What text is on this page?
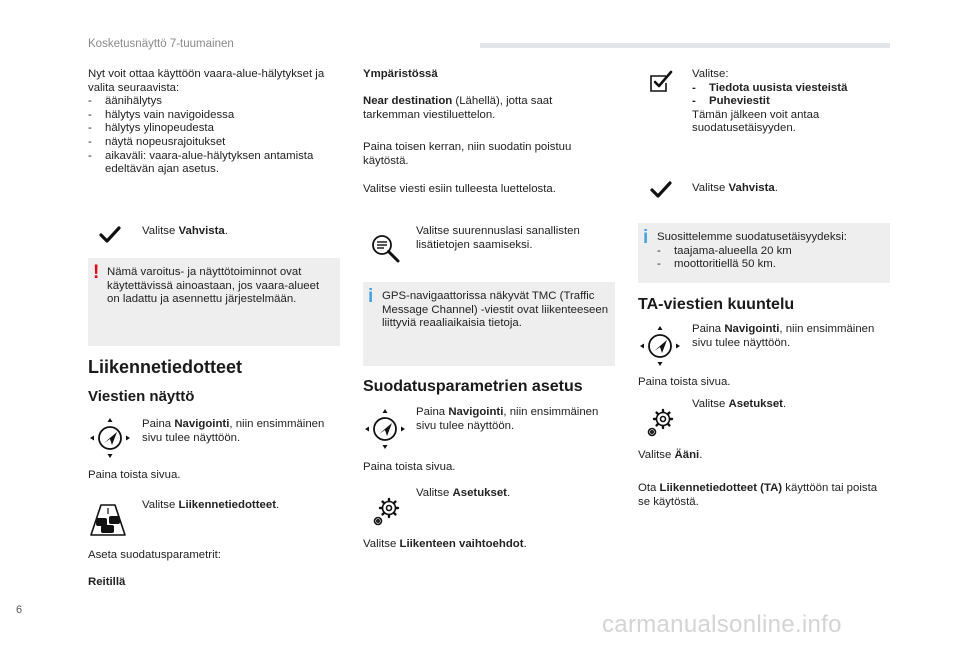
Kosketusnäyttö 7-tuumainen

Nyt voit ottaa käyttöön vaara-alue-hälytykset ja valita seuraavista:

- äänihälytys
- hälytys vain navigoidessa
- hälytys ylinopeudesta
- näytä nopeusrajoitukset
- aikaväli: vaara-alue-hälytyksen antamista edeltävän ajan asetus.
Valitse Vahvista.
! Nämä varoitus- ja näyttötoiminnot ovat käytettävissä ainoastaan, jos vaara-alueet on ladattu ja asennettu järjestelmään.
Liikennetiedotteet
Viestien näyttö
Paina Navigointi, niin ensimmäinen sivu tulee näyttöön.
Paina toista sivua.
Valitse Liikennetiedotteet.
Aseta suodatusparametrit:
Reitillä
Ympäristössä
Near destination (Lähellä), jotta saat tarkemman viestiluettelon.
Paina toisen kerran, niin suodatin poistuu käytöstä.
Valitse viesti esiin tulleesta luettelosta.
Valitse suurennuslasi sanallisten lisätietojen saamiseksi.
i GPS-navigaattorissa näkyvät TMC (Traffic Message Channel) -viestit ovat liikenteeseen liittyviä reaaliaikaisia tietoja.
Suodatusparametrien asetus
Paina Navigointi, niin ensimmäinen sivu tulee näyttöön.
Paina toista sivua.
Valitse Asetukset.
Valitse Liikenteen vaihtoehdot.
Valitse:
- Tiedota uusista viesteistä
- Puheviestit
Tämän jälkeen voit antaa suodatusetäisyyden.
Valitse Vahvista.
i Suosittelemme suodatusetäisyydeksi:
- taajama-alueella 20 km
- moottoritiellä 50 km.
TA-viestien kuuntelu
Paina Navigointi, niin ensimmäinen sivu tulee näyttöön.
Paina toista sivua.
Valitse Asetukset.
Valitse Ääni.
Ota Liikennetiedotteet (TA) käyttöön tai poista se käytöstä.
6
carmanualsonline.info
